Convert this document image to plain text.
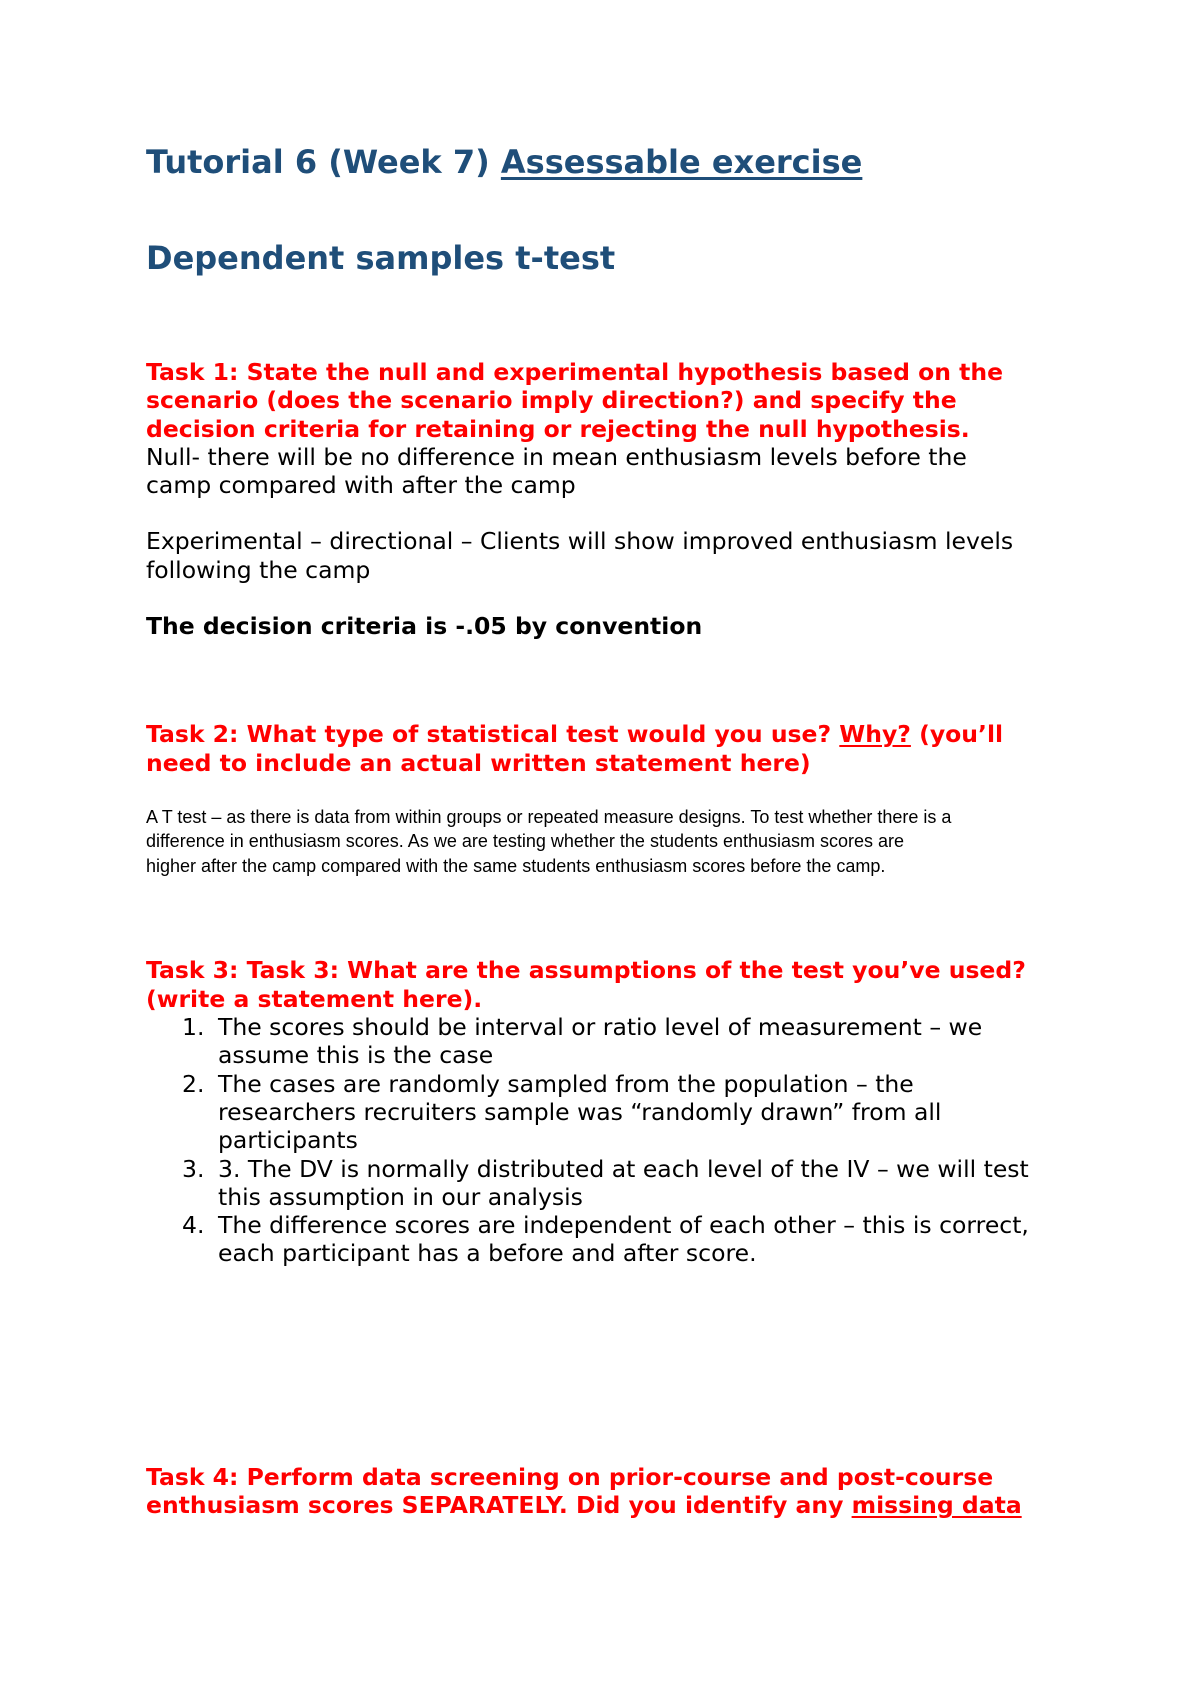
Tutorial 6 (Week 7) Assessable exercise
Dependent samples t-test

Task 1: State the null and experimental hypothesis based on the
scenario (does the scenario imply direction?) and specify the
decision criteria for retaining or rejecting the null hypothesis.

Null- there will be no difference in mean enthusiasm levels before the
camp compared with after the camp

Experimental – directional – Clients will show improved enthusiasm levels
following the camp

The decision criteria is -.05 by convention

Task 2: What type of statistical test would you use? Why? (you’ll
need to include an actual written statement here)

A T test – as there is data from within groups or repeated measure designs. To test whether there is a
difference in enthusiasm scores. As we are testing whether the students enthusiasm scores are
higher after the camp compared with the same students enthusiasm scores before the camp.

Task 3: Task 3: What are the assumptions of the test you’ve used?
(write a statement here).

1. The scores should be interval or ratio level of measurement – we
assume this is the case
2. The cases are randomly sampled from the population – the
researchers recruiters sample was “randomly drawn” from all
participants
3. 3. The DV is normally distributed at each level of the IV – we will test
this assumption in our analysis
4. The difference scores are independent of each other – this is correct,
each participant has a before and after score.

Task 4: Perform data screening on prior-course and post-course
enthusiasm scores SEPARATELY. Did you identify any missing data
